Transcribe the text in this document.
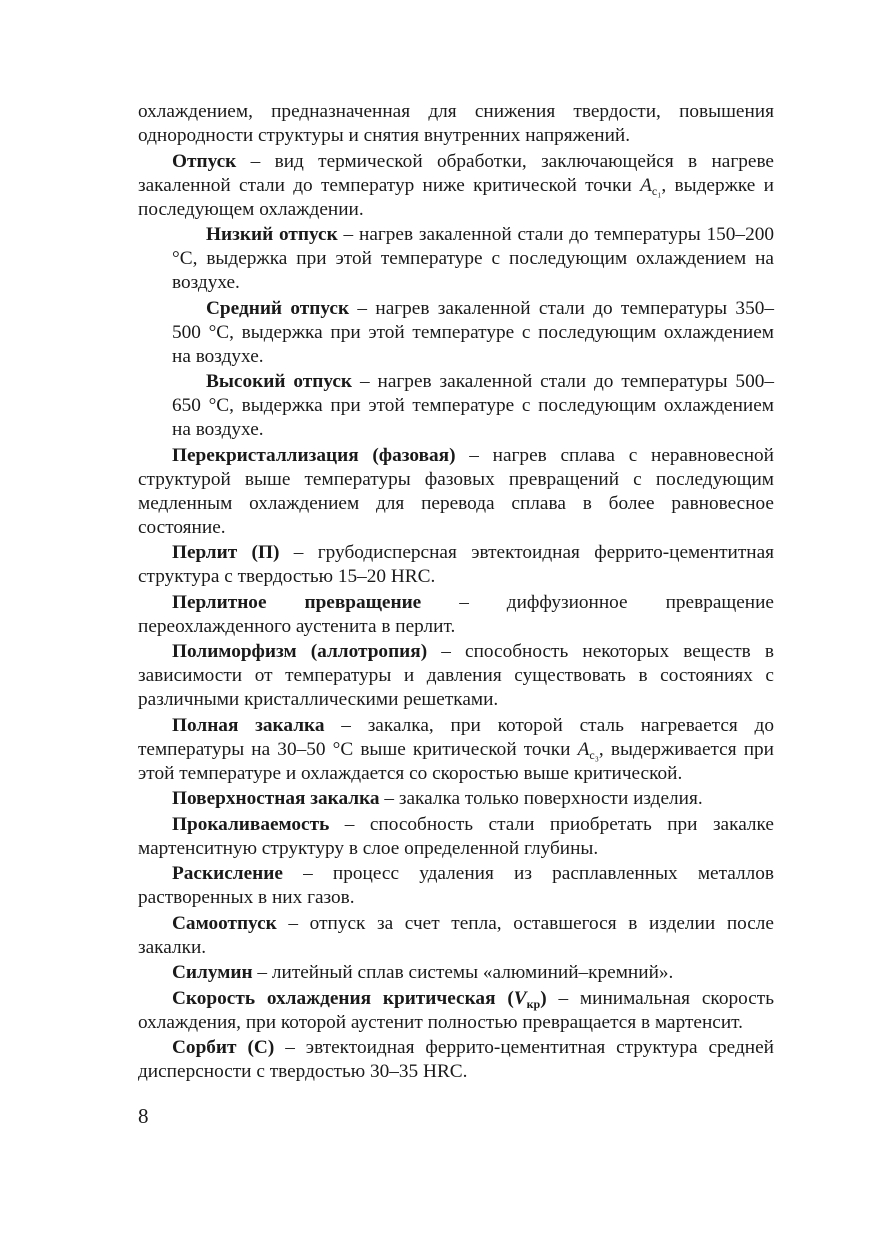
охлаждением, предназначенная для снижения твердости, повышения однородности структуры и снятия внутренних напряжений.

Отпуск – вид термической обработки, заключающейся в нагреве закаленной стали до температур ниже критической точки $A_{c_1}$, выдержке и последующем охлаждении.

Низкий отпуск – нагрев закаленной стали до температуры 150–200 °С, выдержка при этой температуре с последующим охлаждением на воздухе.

Средний отпуск – нагрев закаленной стали до температуры 350–500 °С, выдержка при этой температуре с последующим охлаждением на воздухе.

Высокий отпуск – нагрев закаленной стали до температуры 500–650 °С, выдержка при этой температуре с последующим охлаждением на воздухе.

Перекристаллизация (фазовая) – нагрев сплава с неравновесной структурой выше температуры фазовых превращений с последующим медленным охлаждением для перевода сплава в более равновесное состояние.

Перлит (П) – грубодисперсная эвтектоидная феррито-цементитная структура с твердостью 15–20 HRC.

Перлитное превращение – диффузионное превращение переохлажденного аустенита в перлит.

Полиморфизм (аллотропия) – способность некоторых веществ в зависимости от температуры и давления существовать в состояниях с различными кристаллическими решетками.

Полная закалка – закалка, при которой сталь нагревается до температуры на 30–50 °С выше критической точки $A_{c_3}$, выдерживается при этой температуре и охлаждается со скоростью выше критической.

Поверхностная закалка – закалка только поверхности изделия.

Прокаливаемость – способность стали приобретать при закалке мартенситную структуру в слое определенной глубины.

Раскисление – процесс удаления из расплавленных металлов растворенных в них газов.

Самоотпуск – отпуск за счет тепла, оставшегося в изделии после закалки.

Силумин – литейный сплав системы «алюминий–кремний».

Скорость охлаждения критическая $(V_{кр})$ – минимальная скорость охлаждения, при которой аустенит полностью превращается в мартенсит.

Сорбит (С) – эвтектоидная феррито-цементитная структура средней дисперсности с твердостью 30–35 HRC.

8
